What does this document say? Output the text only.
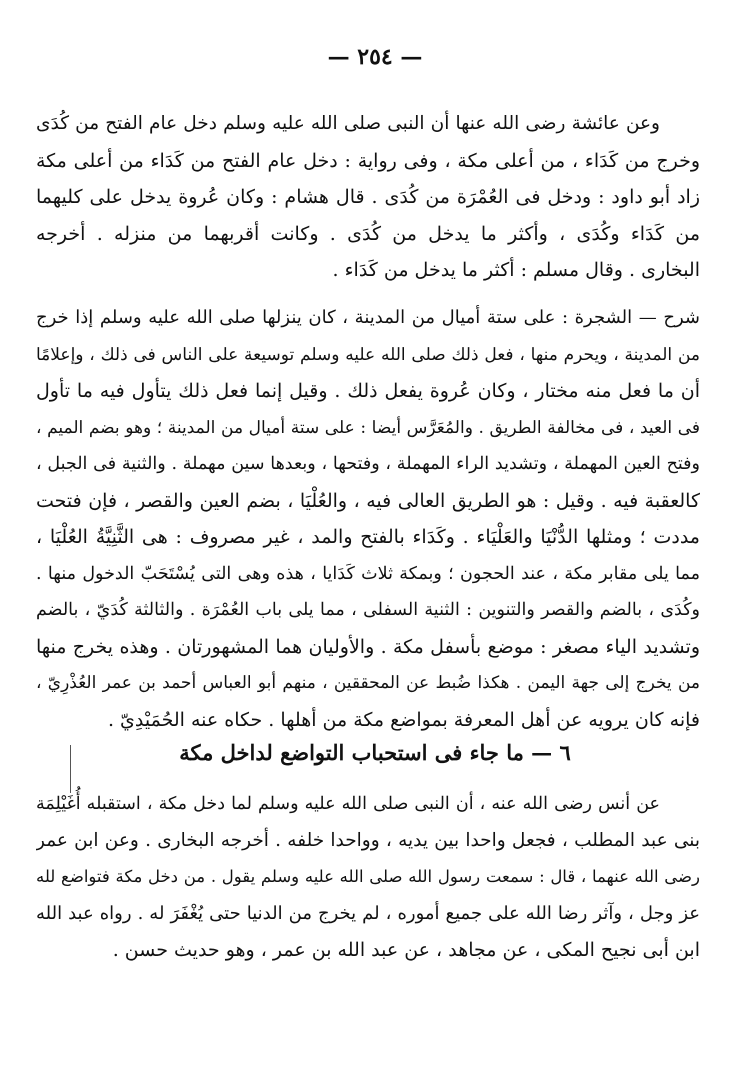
— ٢٥٤ —
وعن عائشة رضى الله عنها أن النبى صلى الله عليه وسلم دخل عام الفتح من كُدَى
وخرج من كَدَاء ، من أعلى مكة ، وفى رواية : دخل عام الفتح من كَدَاء من أعلى مكة
زاد أبو داود : ودخل فى العُمْرَة من كُدَى . قال هشام : وكان عُروة يدخل على كليهما
من كَدَاء وكُدَى ، وأكثر ما يدخل من كُدَى . وكانت أقربهما من منزله . أخرجه
البخارى . وقال مسلم : أكثر ما يدخل من كَدَاء .
شرح — الشجرة : على ستة أميال من المدينة ، كان ينزلها صلى الله عليه وسلم إذا خرج
من المدينة ، ويحرم منها ، فعل ذلك صلى الله عليه وسلم توسيعة على الناس فى ذلك ، وإعلامًا
أن ما فعل منه مختار ، وكان عُروة يفعل ذلك . وقيل إنما فعل ذلك يتأول فيه ما تأول
فى العيد ، فى مخالفة الطريق . والمُعَرَّس أيضا : على ستة أميال من المدينة ؛ وهو بضم الميم ،
وفتح العين المهملة ، وتشديد الراء المهملة ، وفتحها ، وبعدها سين مهملة . والثنية فى الجبل ،
كالعقبة فيه . وقيل : هو الطريق العالى فيه ، والعُلْيَا ، بضم العين والقصر ، فإن فتحت
مددت ؛ ومثلها الدُّنْيَا والعَلْيَاء . وكَدَاء بالفتح والمد ، غير مصروف : هى الثَّنِيَّةُ العُلْيَا ،
مما يلى مقابر مكة ، عند الحجون ؛ وبمكة ثلاث كَدَايا ، هذه وهى التى يُسْتَحَبّ الدخول منها .
وكُدَى ، بالضم والقصر والتنوين : الثنية السفلى ، مما يلى باب العُمْرَة . والثالثة كُدَيّ ، بالضم
وتشديد الياء مصغر : موضع بأسفل مكة . والأوليان هما المشهورتان . وهذه يخرج منها
من يخرج إلى جهة اليمن . هكذا ضُبط عن المحققين ، منهم أبو العباس أحمد بن عمر العُذْرِيّ ،
فإنه كان يرويه عن أهل المعرفة بمواضع مكة من أهلها . حكاه عنه الحُمَيْدِيّ .
٦ — ما جاء فى استحباب التواضع لداخل مكة
عن أنس رضى الله عنه ، أن النبى صلى الله عليه وسلم لما دخل مكة ، استقبله أُغَيْلِمَة
بنى عبد المطلب ، فجعل واحدا بين يديه ، وواحدا خلفه . أخرجه البخارى . وعن ابن عمر
رضى الله عنهما ، قال : سمعت رسول الله صلى الله عليه وسلم يقول . من دخل مكة فتواضع لله
عز وجل ، وآثر رضا الله على جميع أموره ، لم يخرج من الدنيا حتى يُغْفَرَ له . رواه عبد الله
ابن أبى نجيح المكى ، عن مجاهد ، عن عبد الله بن عمر ، وهو حديث حسن .
